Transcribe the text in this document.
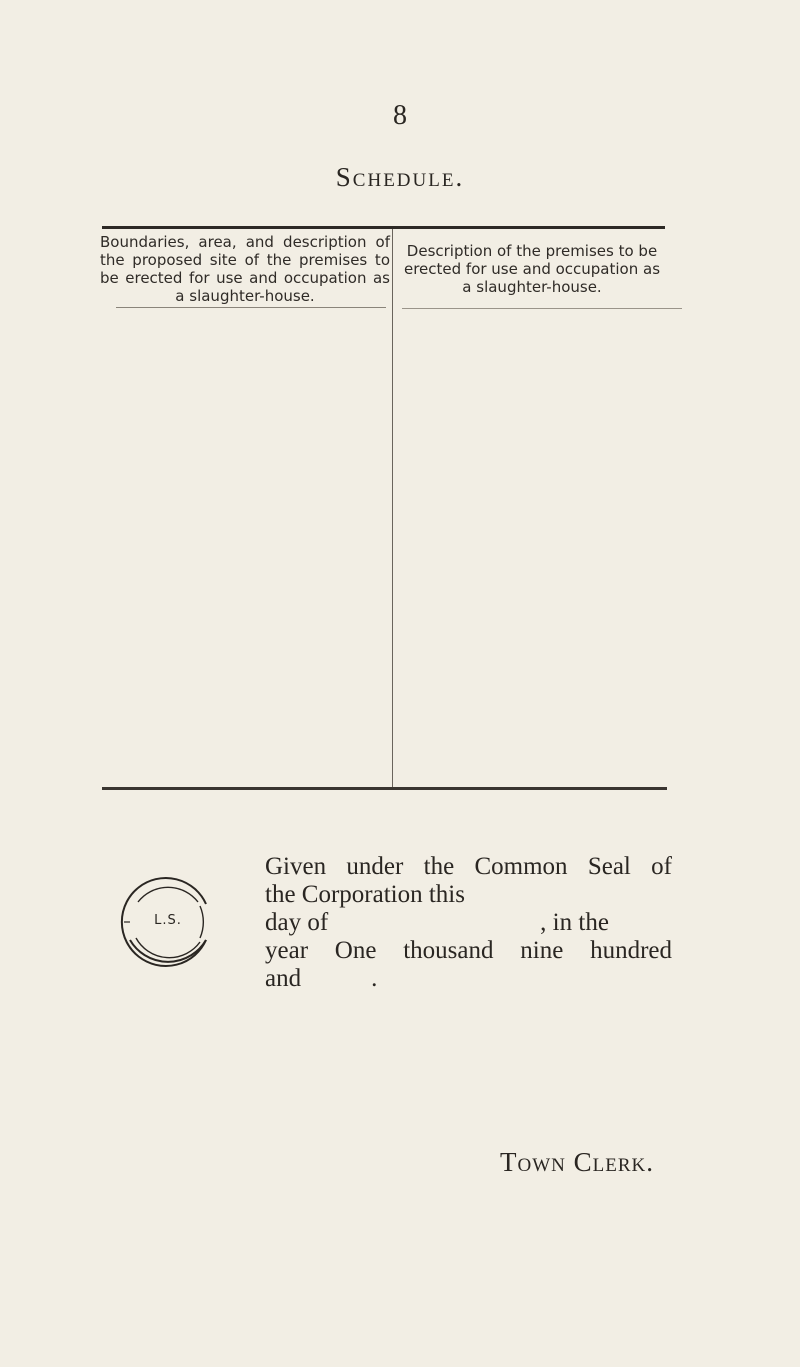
8
Schedule.
Boundaries, area, and description of the proposed site of the premises to be erected for use and occupation as a slaughter-house.
Description of the premises to be erected for use and occupation as a slaughter-house.
L.S.
Given under the Common Seal of
the Corporation this
day of	, in the
year One thousand nine hundred
and	.
Town Clerk.
